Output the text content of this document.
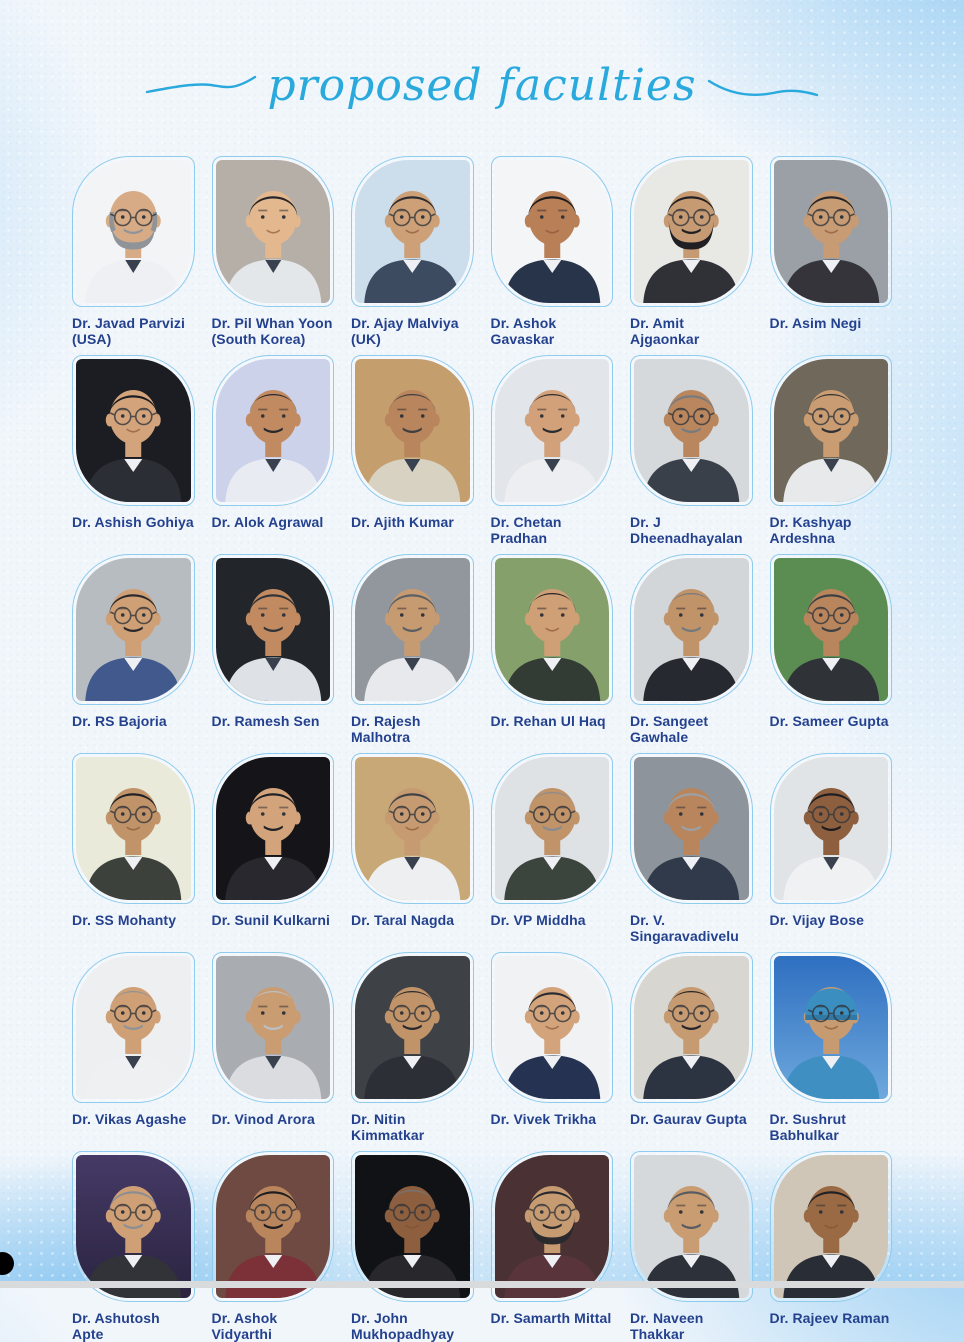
proposed faculties
Dr. Javad Parvizi
(USA)
Dr. Pil Whan Yoon
(South Korea)
Dr. Ajay Malviya
(UK)
Dr. Ashok Gavaskar
Dr. Amit Ajgaonkar
Dr. Asim Negi
Dr. Ashish Gohiya Dr. Alok Agrawal	Dr. Ajith Kumar	Dr. Chetan Pradhan
Dr. J Dheenadhayalan
Dr. Kashyap Ardeshna
Dr. RS Bajoria	Dr. Ramesh Sen	Dr. Rajesh Malhotra
Dr. Rehan Ul Haq	Dr. Sangeet Gawhale
Dr. Sameer Gupta
Dr. SS Mohanty	Dr. Sunil Kulkarni Dr. Taral Nagda	Dr. VP Middha	Dr. V. Singaravadivelu
Dr. Vijay Bose
Dr. Vikas Agashe	Dr. Vinod Arora	Dr. Nitin Kimmatkar
Dr. Vivek Trikha	Dr. Gaurav Gupta	Dr. Sushrut Babhulkar
Dr. Ashutosh Apte
Dr. Ashok Vidyarthi
Dr. John Mukhopadhyay
Dr. Samarth Mittal Dr. Naveen Thakkar
Dr. Rajeev Raman
